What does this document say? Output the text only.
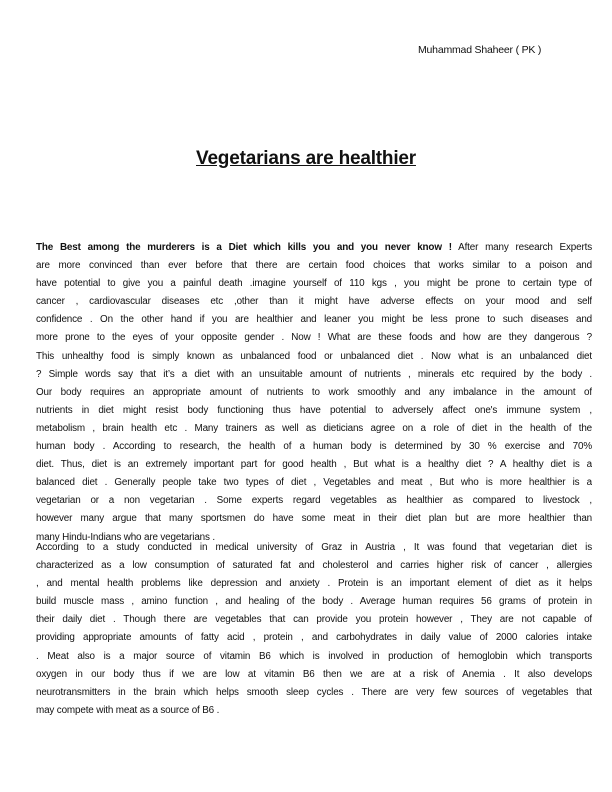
Muhammad Shaheer ( PK )
Vegetarians are healthier
The Best among the murderers is a Diet which kills you and you never know ! After many research Experts
are more convinced than ever before that there are certain food choices that works similar to a poison and
have potential to give you a painful death .imagine yourself of 110 kgs , you might be prone to certain type of
cancer , cardiovascular diseases etc ,other than it might have adverse effects on your mood and self
confidence . On the other hand if you are healthier and leaner you might be less prone to such diseases and
more prone to the eyes of your opposite gender . Now ! What are these foods and how are they dangerous ?
This unhealthy food is simply known as unbalanced food or unbalanced diet . Now what is an unbalanced diet
? Simple words say that it’s a diet with an unsuitable amount of nutrients , minerals etc required by the body .
Our body requires an appropriate amount of nutrients to work smoothly and any imbalance in the amount of
nutrients in diet might resist body functioning thus have potential to adversely affect one's immune system ,
metabolism , brain health etc . Many trainers as well as dieticians agree on a role of diet in the health of the
human body . According to research, the health of a human body is determined by 30 % exercise and 70%
diet. Thus, diet is an extremely important part for good health , But what is a healthy diet ? A healthy diet is a
balanced diet . Generally people take two types of diet , Vegetables and meat , But who is more healthier is a
vegetarian or a non vegetarian . Some experts regard vegetables as healthier as compared to livestock ,
however many argue that many sportsmen do have some meat in their diet plan but are more healthier than
many Hindu-Indians who are vegetarians .
According to a study conducted in medical university of Graz in Austria , It was found that vegetarian diet is
characterized as a low consumption of saturated fat and cholesterol and carries higher risk of cancer , allergies
, and mental health problems like depression and anxiety . Protein is an important element of diet as it helps
build muscle mass , amino function , and healing of the body . Average human requires 56 grams of protein in
their daily diet . Though there are vegetables that can provide you protein however , They are not capable of
providing appropriate amounts of fatty acid , protein , and carbohydrates in daily value of 2000 calories intake
. Meat also is a major source of vitamin B6 which is involved in production of hemoglobin which transports
oxygen in our body thus if we are low at vitamin B6 then we are at a risk of Anemia . It also develops
neurotransmitters in the brain which helps smooth sleep cycles . There are very few sources of vegetables that
may compete with meat as a source of B6 .
